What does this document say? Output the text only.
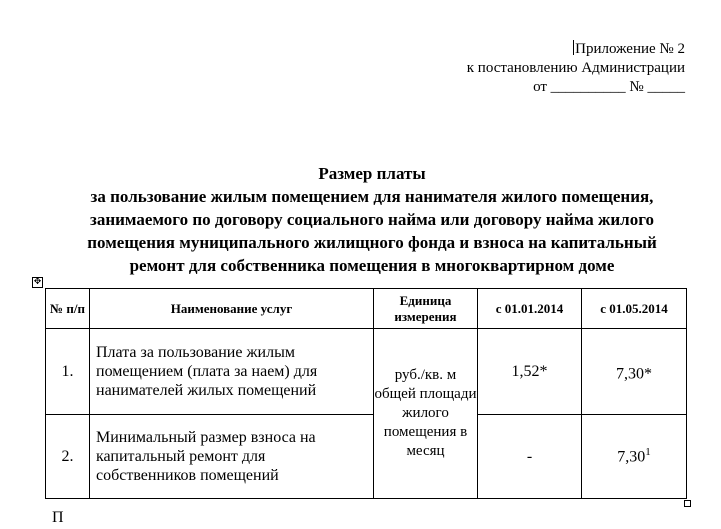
Приложение № 2
к постановлению Администрации
от __________ № _____
Размер платы
за пользование жилым помещением для нанимателя жилого помещения,
занимаемого по договору социального найма или договору найма жилого
помещения муниципального жилищного фонда и взноса на капитальный
ремонт для собственника помещения в многоквартирном доме
✥
№ п/п	Наименование услуг	Единица измерения	с 01.01.2014	с 01.05.2014
1.	Плата за пользование жилым помещением (плата за наем) для нанимателей жилых помещений	руб./кв. м общей площади жилого помещения в месяц	1,52*	7,30*
2.	Минимальный размер взноса на капитальный ремонт для собственников помещений		-	7,30$^1$
П
